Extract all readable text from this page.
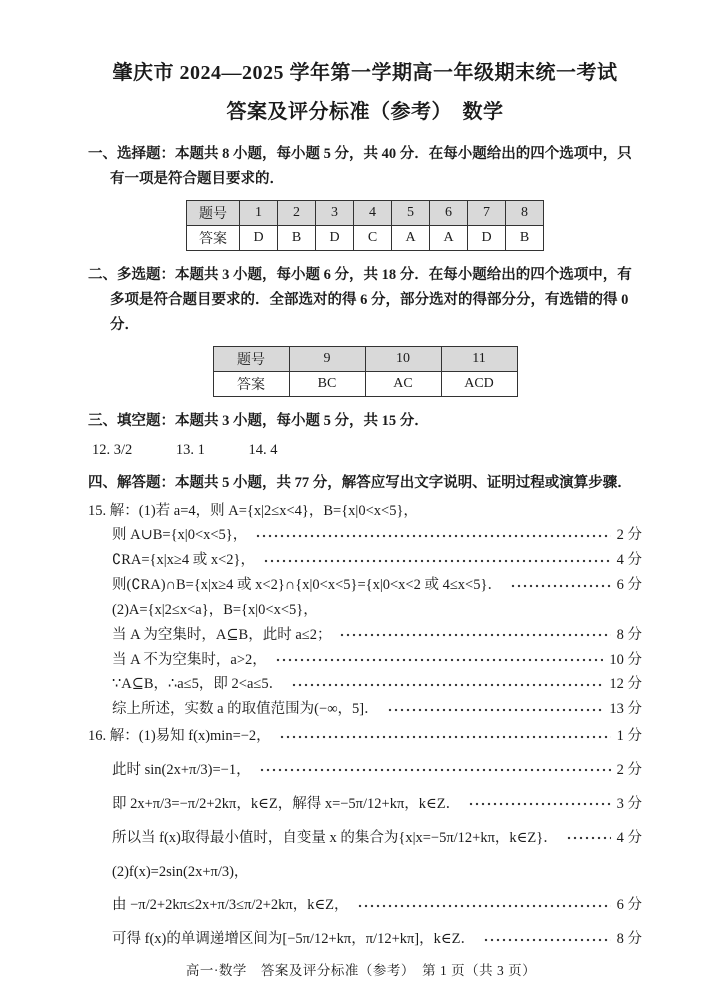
肇庆市 2024—2025 学年第一学期高一年级期末统一考试
答案及评分标准（参考）　数学

一、选择题：本题共 8 小题，每小题 5 分，共 40 分．在每小题给出的四个选项中，只有一项是符合题目要求的．

题号	1	2	3	4	5	6	7	8
答案	D	B	D	C	A	A	D	B

二、多选题：本题共 3 小题，每小题 6 分，共 18 分．在每小题给出的四个选项中，有多项是符合题目要求的．全部选对的得 6 分，部分选对的得部分分，有选错的得 0 分．

题号	9	10	11
答案	BC	AC	ACD

三、填空题：本题共 3 小题，每小题 5 分，共 15 分．

12. 3/2	13. 1	14. 4

四、解答题：本题共 5 小题，共 77 分，解答应写出文字说明、证明过程或演算步骤．

15. 解：(1)若 a=4，则 A={x|2≤x<4}，B={x|0<x<5}，
则 A∪B={x|0<x<5}，	2 分
∁RA={x|x≥4 或 x<2}，	4 分
则(∁RA)∩B={x|x≥4 或 x<2}∩{x|0<x<5}={x|0<x<2 或 4≤x<5}．	6 分
(2)A={x|2≤x<a}，B={x|0<x<5}，
当 A 为空集时，A⊆B，此时 a≤2；	8 分
当 A 不为空集时，a>2，	10 分
∵A⊆B，∴a≤5，即 2<a≤5．	12 分
综上所述，实数 a 的取值范围为(−∞，5]．	13 分
16. 解：(1)易知 f(x)min=−2，	1 分
此时 sin(2x+π/3)=−1，	2 分
即 2x+π/3=−π/2+2kπ，k∈Z，解得 x=−5π/12+kπ，k∈Z．	3 分
所以当 f(x)取得最小值时，自变量 x 的集合为{x|x=−5π/12+kπ，k∈Z}．	4 分
(2)f(x)=2sin(2x+π/3)，
由 −π/2+2kπ≤2x+π/3≤π/2+2kπ，k∈Z，	6 分
可得 f(x)的单调递增区间为[−5π/12+kπ，π/12+kπ]，k∈Z．	8 分
高一·数学　答案及评分标准（参考）　第 1 页（共 3 页）
